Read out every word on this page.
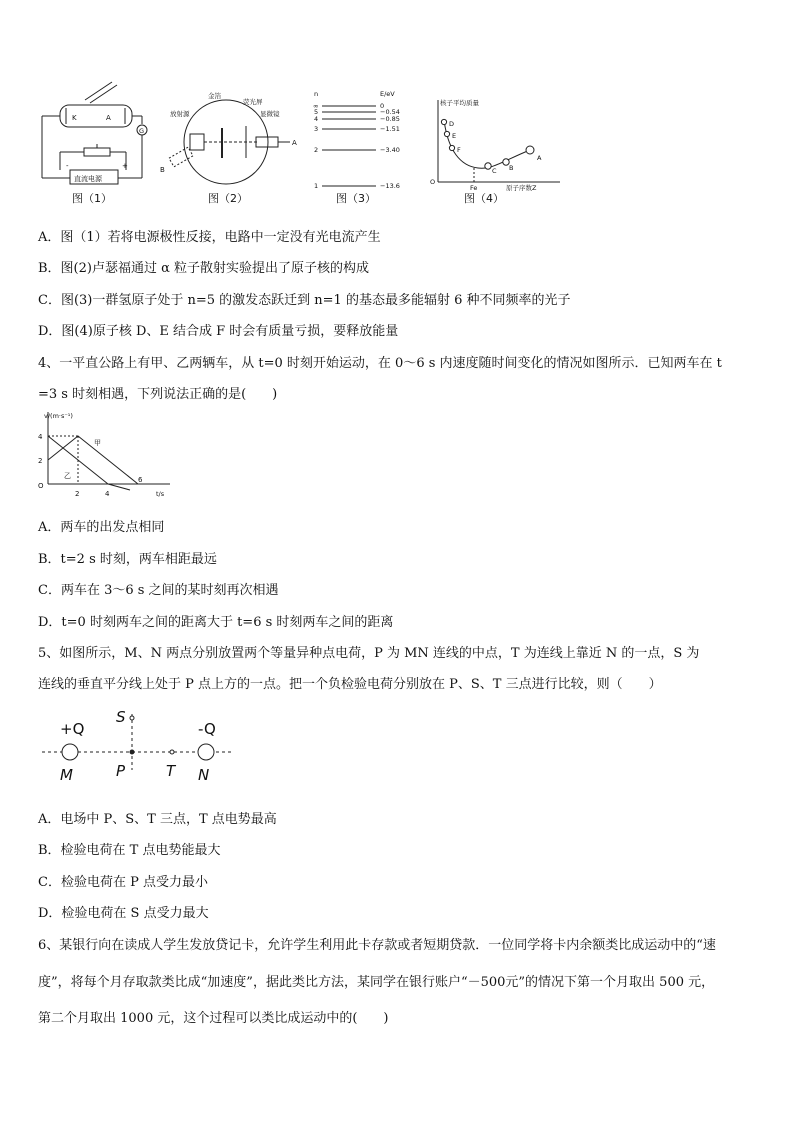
K	A
G
-	+
直流电源
图（1）
放射源
金箔
荧光屏
显微镜
A
B
图（2）
n	E/eV
∞	0
5	−0.54
4	−0.85
3	−1.51
2	−3.40
1	−13.6
图（3）
核子平均质量
D
E
F
C B
A
O
Fe	原子序数Z
图（4）
A．图（1）若将电源极性反接，电路中一定没有光电流产生
B．图(2)卢瑟福通过 α 粒子散射实验提出了原子核的构成
C．图(3)一群氢原子处于 n=5 的激发态跃迁到 n=1 的基态最多能辐射 6 种不同频率的光子
D．图(4)原子核 D、E 结合成 F 时会有质量亏损，要释放能量
4、一平直公路上有甲、乙两辆车，从 t=0 时刻开始运动，在 0～6 s 内速度随时间变化的情况如图所示．已知两车在 t
=3 s 时刻相遇，下列说法正确的是(　　)
v/(m·s⁻¹)
4
2
O
2	4
6
t/s
甲
乙
A．两车的出发点相同
B．t=2 s 时刻，两车相距最远
C．两车在 3～6 s 之间的某时刻再次相遇
D．t=0 时刻两车之间的距离大于 t=6 s 时刻两车之间的距离
5、如图所示，M、N 两点分别放置两个等量异种点电荷，P 为 MN 连线的中点，T 为连线上靠近 N 的一点，S 为
连线的垂直平分线上处于 P 点上方的一点。把一个负检验电荷分别放在 P、S、T 三点进行比较，则（　　）
+Q	-Q
S
M	P	T N
A．电场中 P、S、T 三点，T 点电势最高
B．检验电荷在 T 点电势能最大
C．检验电荷在 P 点受力最小
D．检验电荷在 S 点受力最大
6、某银行向在读成人学生发放贷记卡，允许学生利用此卡存款或者短期贷款．一位同学将卡内余额类比成运动中的“速
度”，将每个月存取款类比成“加速度”，据此类比方法，某同学在银行账户“－500元”的情况下第一个月取出 500 元，
第二个月取出 1000 元，这个过程可以类比成运动中的(　　)
